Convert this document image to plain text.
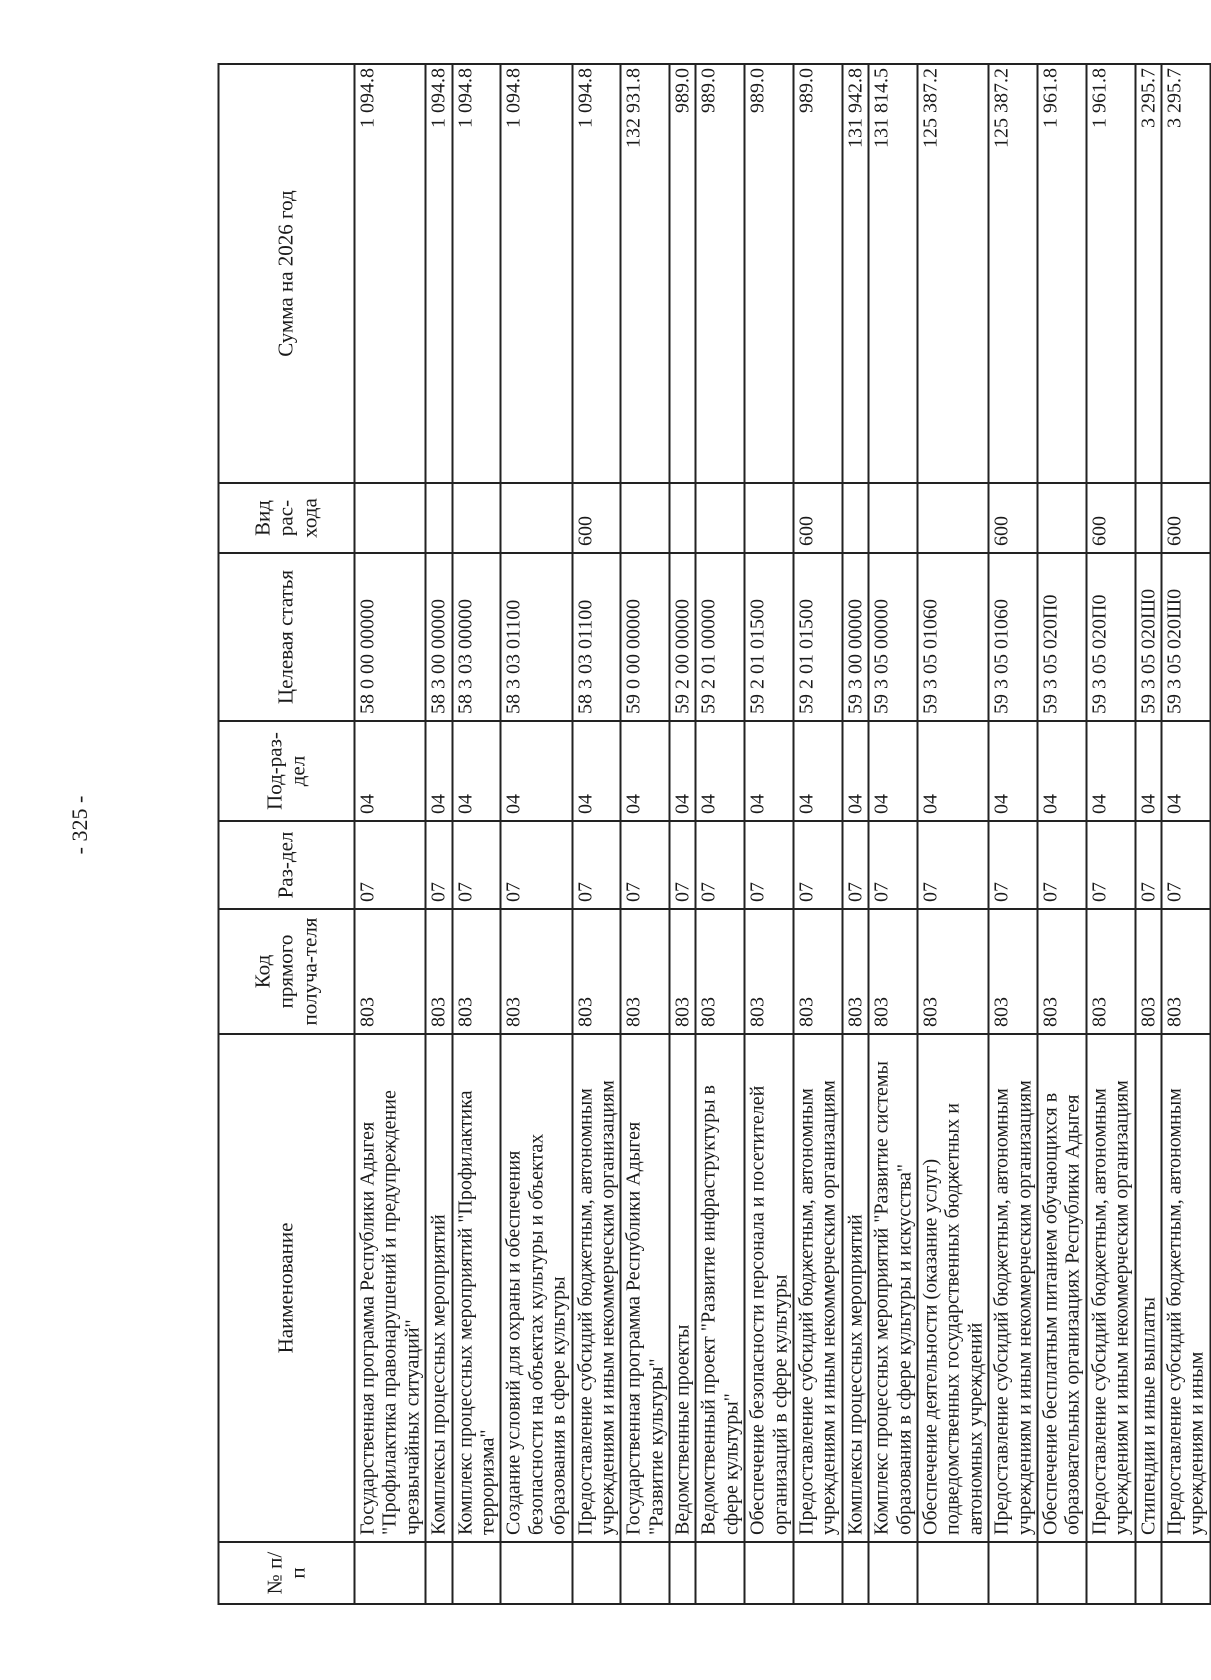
- 325 -
№ п/п	Наименование	Код прямого получа-теля	Раз-дел	Под-раз-дел	Целевая статья	Вид рас-хода	Сумма на 2026 год
	Государственная программа Республики Адыгея "Профилактика правонарушений и предупреждение чрезвычайных ситуаций"	803	07	04	58 0 00 00000		1 094.8
	Комплексы процессных мероприятий	803	07	04	58 3 00 00000		1 094.8
	Комплекс процессных мероприятий "Профилактика терроризма"	803	07	04	58 3 03 00000		1 094.8
	Создание условий для охраны и обеспечения безопасности на объектах культуры и объектах образования в сфере культуры	803	07	04	58 3 03 01100		1 094.8
	Предоставление субсидий бюджетным, автономным учреждениям и иным некоммерческим организациям	803	07	04	58 3 03 01100	600	1 094.8
	Государственная программа Республики Адыгея "Развитие культуры"	803	07	04	59 0 00 00000		132 931.8
	Ведомственные проекты	803	07	04	59 2 00 00000		989.0
	Ведомственный проект "Развитие инфраструктуры в сфере культуры"	803	07	04	59 2 01 00000		989.0
	Обеспечение безопасности персонала и посетителей организаций в сфере культуры	803	07	04	59 2 01 01500		989.0
	Предоставление субсидий бюджетным, автономным учреждениям и иным некоммерческим организациям	803	07	04	59 2 01 01500	600	989.0
	Комплексы процессных мероприятий	803	07	04	59 3 00 00000		131 942.8
	Комплекс процессных мероприятий "Развитие системы образования в сфере культуры и искусства"	803	07	04	59 3 05 00000		131 814.5
	Обеспечение деятельности (оказание услуг) подведомственных государственных бюджетных и автономных учреждений	803	07	04	59 3 05 01060		125 387.2
	Предоставление субсидий бюджетным, автономным учреждениям и иным некоммерческим организациям	803	07	04	59 3 05 01060	600	125 387.2
	Обеспечение бесплатным питанием обучающихся в образовательных организациях Республики Адыгея	803	07	04	59 3 05 020П0		1 961.8
	Предоставление субсидий бюджетным, автономным учреждениям и иным некоммерческим организациям	803	07	04	59 3 05 020П0	600	1 961.8
	Стипендии и иные выплаты	803	07	04	59 3 05 020Ш0		3 295.7
	Предоставление субсидий бюджетным, автономным учреждениям и иным	803	07	04	59 3 05 020Ш0	600	3 295.7
